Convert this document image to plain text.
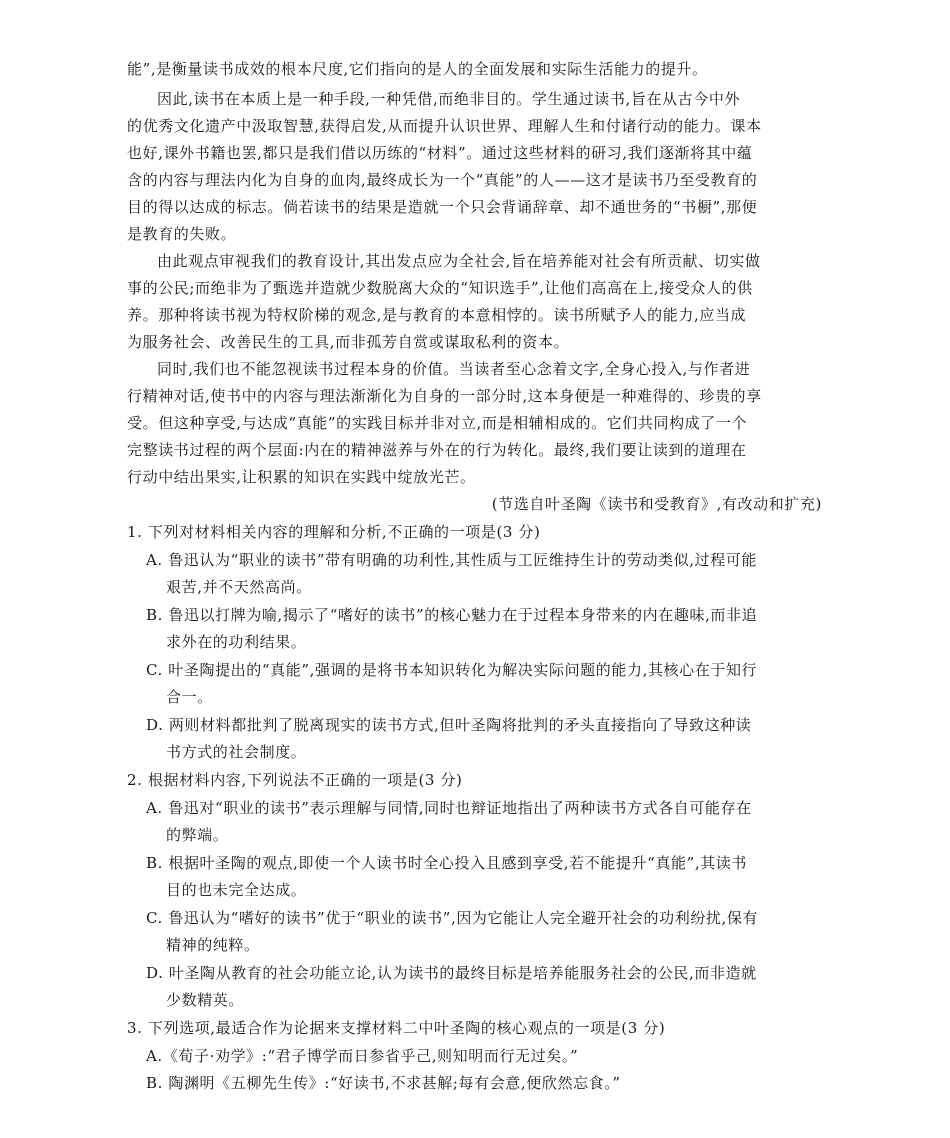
能”,是衡量读书成效的根本尺度,它们指向的是人的全面发展和实际生活能力的提升。
因此,读书在本质上是一种手段,一种凭借,而绝非目的。学生通过读书,旨在从古今中外
的优秀文化遗产中汲取智慧,获得启发,从而提升认识世界、理解人生和付诸行动的能力。课本
也好,课外书籍也罢,都只是我们借以历练的“材料”。通过这些材料的研习,我们逐渐将其中蕴
含的内容与理法内化为自身的血肉,最终成长为一个“真能”的人——这才是读书乃至受教育的
目的得以达成的标志。倘若读书的结果是造就一个只会背诵辞章、却不通世务的“书橱”,那便
是教育的失败。
由此观点审视我们的教育设计,其出发点应为全社会,旨在培养能对社会有所贡献、切实做
事的公民;而绝非为了甄选并造就少数脱离大众的“知识选手”,让他们高高在上,接受众人的供
养。那种将读书视为特权阶梯的观念,是与教育的本意相悖的。读书所赋予人的能力,应当成
为服务社会、改善民生的工具,而非孤芳自赏或谋取私利的资本。
同时,我们也不能忽视读书过程本身的价值。当读者至心念着文字,全身心投入,与作者进
行精神对话,使书中的内容与理法渐渐化为自身的一部分时,这本身便是一种难得的、珍贵的享
受。但这种享受,与达成“真能”的实践目标并非对立,而是相辅相成的。它们共同构成了一个
完整读书过程的两个层面:内在的精神滋养与外在的行为转化。最终,我们要让读到的道理在
行动中结出果实,让积累的知识在实践中绽放光芒。
(节选自叶圣陶《读书和受教育》,有改动和扩充)
1. 下列对材料相关内容的理解和分析,不正确的一项是(3 分)
A. 鲁迅认为“职业的读书”带有明确的功利性,其性质与工匠维持生计的劳动类似,过程可能
艰苦,并不天然高尚。
B. 鲁迅以打牌为喻,揭示了“嗜好的读书”的核心魅力在于过程本身带来的内在趣味,而非追
求外在的功利结果。
C. 叶圣陶提出的“真能”,强调的是将书本知识转化为解决实际问题的能力,其核心在于知行
合一。
D. 两则材料都批判了脱离现实的读书方式,但叶圣陶将批判的矛头直接指向了导致这种读
书方式的社会制度。
2. 根据材料内容,下列说法不正确的一项是(3 分)
A. 鲁迅对“职业的读书”表示理解与同情,同时也辩证地指出了两种读书方式各自可能存在
的弊端。
B. 根据叶圣陶的观点,即使一个人读书时全心投入且感到享受,若不能提升“真能”,其读书
目的也未完全达成。
C. 鲁迅认为“嗜好的读书”优于“职业的读书”,因为它能让人完全避开社会的功利纷扰,保有
精神的纯粹。
D. 叶圣陶从教育的社会功能立论,认为读书的最终目标是培养能服务社会的公民,而非造就
少数精英。
3. 下列选项,最适合作为论据来支撑材料二中叶圣陶的核心观点的一项是(3 分)
A.《荀子·劝学》:“君子博学而日参省乎己,则知明而行无过矣。”
B. 陶渊明《五柳先生传》:“好读书,不求甚解;每有会意,便欣然忘食。”
